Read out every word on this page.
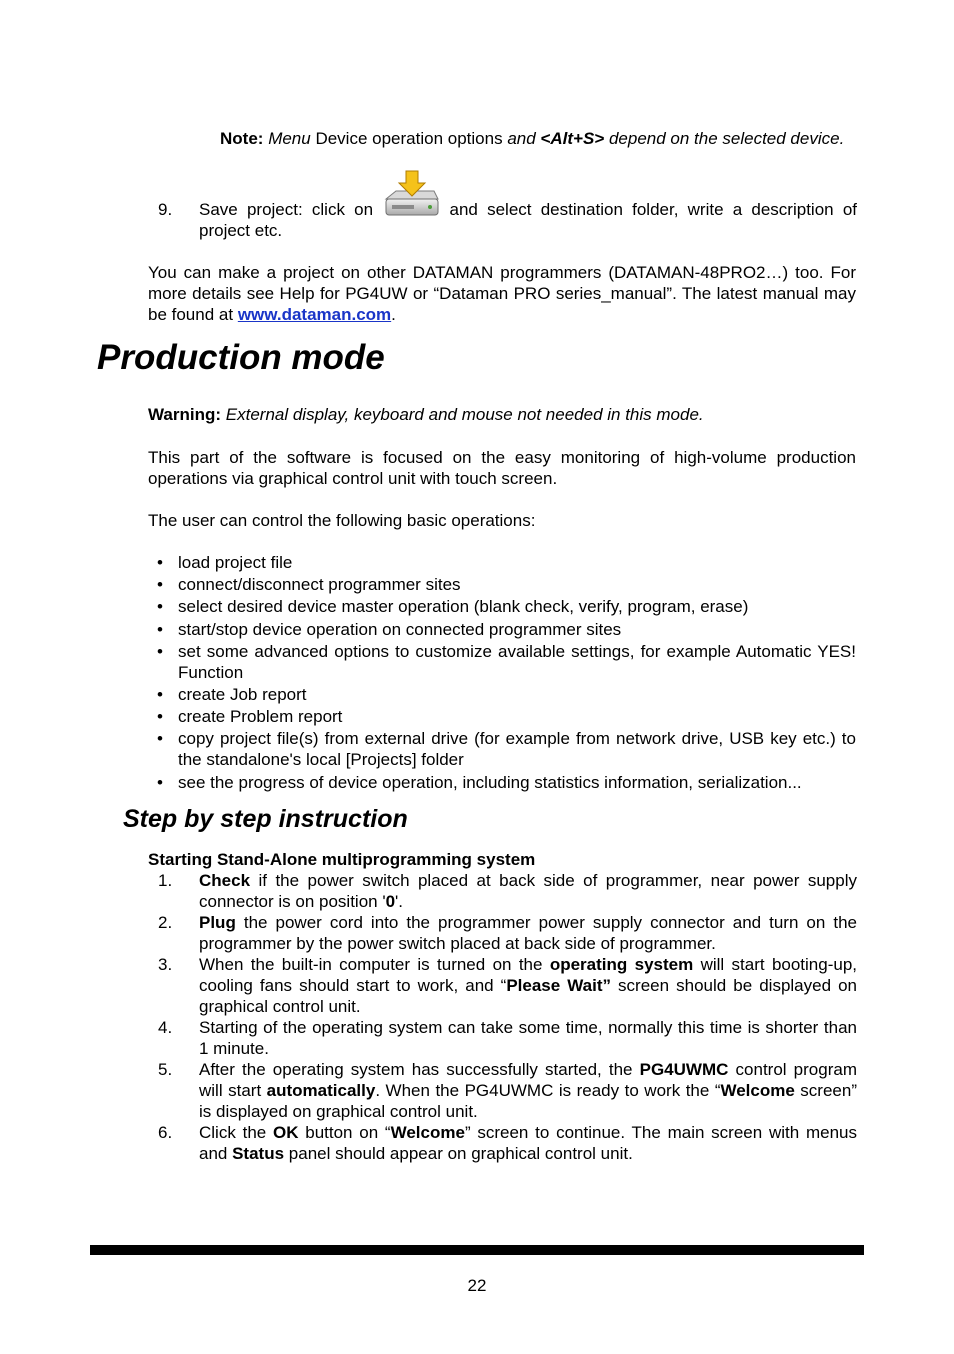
Note: Menu Device operation options and <Alt+S> depend on the selected device.
9. Save project: click on	and select destination folder, write a description of project etc.
You can make a project on other DATAMAN programmers (DATAMAN-48PRO2…) too. For more details see Help for PG4UW or “Dataman PRO series_manual”. The latest manual may be found at www.dataman.com.
Production mode
Warning: External display, keyboard and mouse not needed in this mode.
This part of the software is focused on the easy monitoring of high-volume production operations via graphical control unit with touch screen.
The user can control the following basic operations:
• load project file
• connect/disconnect programmer sites
• select desired device master operation (blank check, verify, program, erase)
• start/stop device operation on connected programmer sites
• set some advanced options to customize available settings, for example Automatic YES! Function
• create Job report
• create Problem report
• copy project file(s) from external drive (for example from network drive, USB key etc.) to the standalone's local [Projects] folder
• see the progress of device operation, including statistics information, serialization...
Step by step instruction
Starting Stand-Alone multiprogramming system
1. Check if the power switch placed at back side of programmer, near power supply connector is on position '0'.
2. Plug the power cord into the programmer power supply connector and turn on the programmer by the power switch placed at back side of programmer.
3. When the built-in computer is turned on the operating system will start booting-up, cooling fans should start to work, and “Please Wait” screen should be displayed on graphical control unit.
4. Starting of the operating system can take some time, normally this time is shorter than 1 minute.
5. After the operating system has successfully started, the PG4UWMC control program will start automatically. When the PG4UWMC is ready to work the “Welcome screen” is displayed on graphical control unit.
6. Click the OK button on “Welcome” screen to continue. The main screen with menus and Status panel should appear on graphical control unit.
22
